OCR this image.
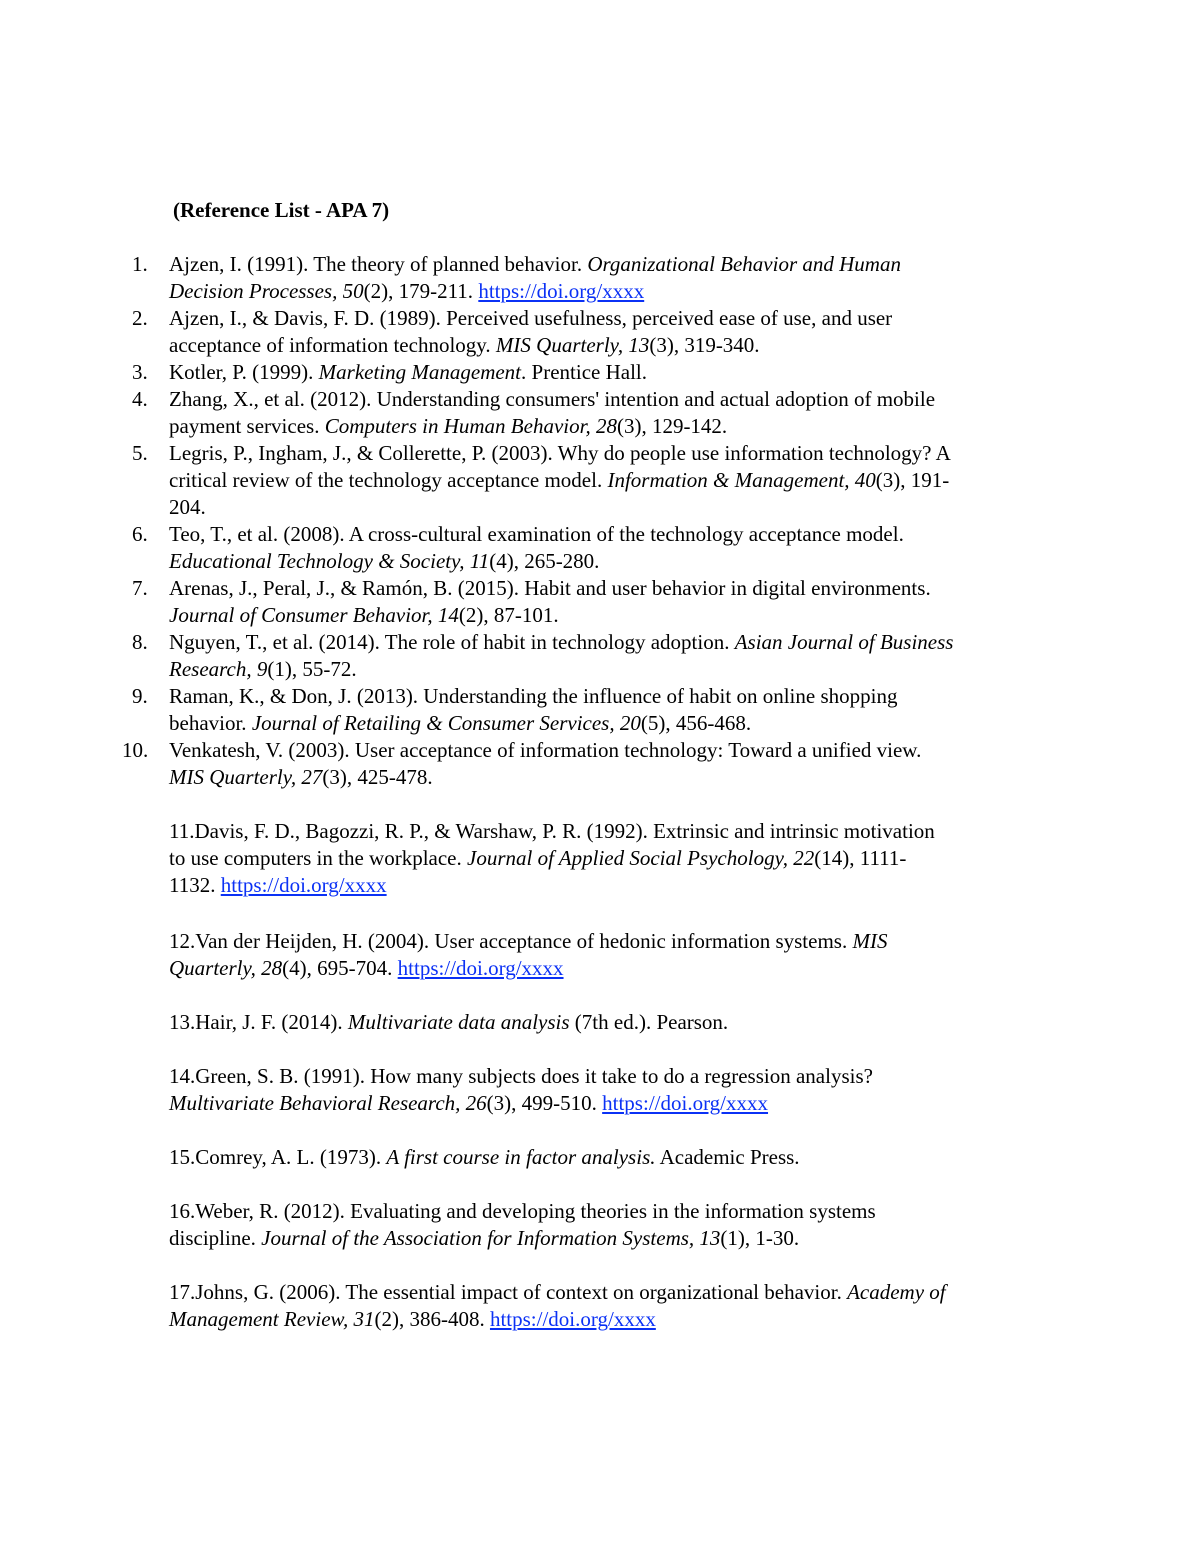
(Reference List - APA 7)
1. Ajzen, I. (1991). The theory of planned behavior. Organizational Behavior and Human
Decision Processes, 50(2), 179-211. https://doi.org/xxxx
2. Ajzen, I., & Davis, F. D. (1989). Perceived usefulness, perceived ease of use, and user
acceptance of information technology. MIS Quarterly, 13(3), 319-340.
3. Kotler, P. (1999). Marketing Management. Prentice Hall.
4. Zhang, X., et al. (2012). Understanding consumers' intention and actual adoption of mobile
payment services. Computers in Human Behavior, 28(3), 129-142.
5. Legris, P., Ingham, J., & Collerette, P. (2003). Why do people use information technology? A
critical review of the technology acceptance model. Information & Management, 40(3), 191-
204.
6. Teo, T., et al. (2008). A cross-cultural examination of the technology acceptance model.
Educational Technology & Society, 11(4), 265-280.
7. Arenas, J., Peral, J., & Ramón, B. (2015). Habit and user behavior in digital environments.
Journal of Consumer Behavior, 14(2), 87-101.
8. Nguyen, T., et al. (2014). The role of habit in technology adoption. Asian Journal of Business
Research, 9(1), 55-72.
9. Raman, K., & Don, J. (2013). Understanding the influence of habit on online shopping
behavior. Journal of Retailing & Consumer Services, 20(5), 456-468.
10. Venkatesh, V. (2003). User acceptance of information technology: Toward a unified view.
MIS Quarterly, 27(3), 425-478.
11.Davis, F. D., Bagozzi, R. P., & Warshaw, P. R. (1992). Extrinsic and intrinsic motivation
to use computers in the workplace. Journal of Applied Social Psychology, 22(14), 1111-
1132. https://doi.org/xxxx
12.Van der Heijden, H. (2004). User acceptance of hedonic information systems. MIS
Quarterly, 28(4), 695-704. https://doi.org/xxxx
13.Hair, J. F. (2014). Multivariate data analysis (7th ed.). Pearson.
14.Green, S. B. (1991). How many subjects does it take to do a regression analysis?
Multivariate Behavioral Research, 26(3), 499-510. https://doi.org/xxxx
15.Comrey, A. L. (1973). A first course in factor analysis. Academic Press.
16.Weber, R. (2012). Evaluating and developing theories in the information systems
discipline. Journal of the Association for Information Systems, 13(1), 1-30.
17.Johns, G. (2006). The essential impact of context on organizational behavior. Academy of
Management Review, 31(2), 386-408. https://doi.org/xxxx
